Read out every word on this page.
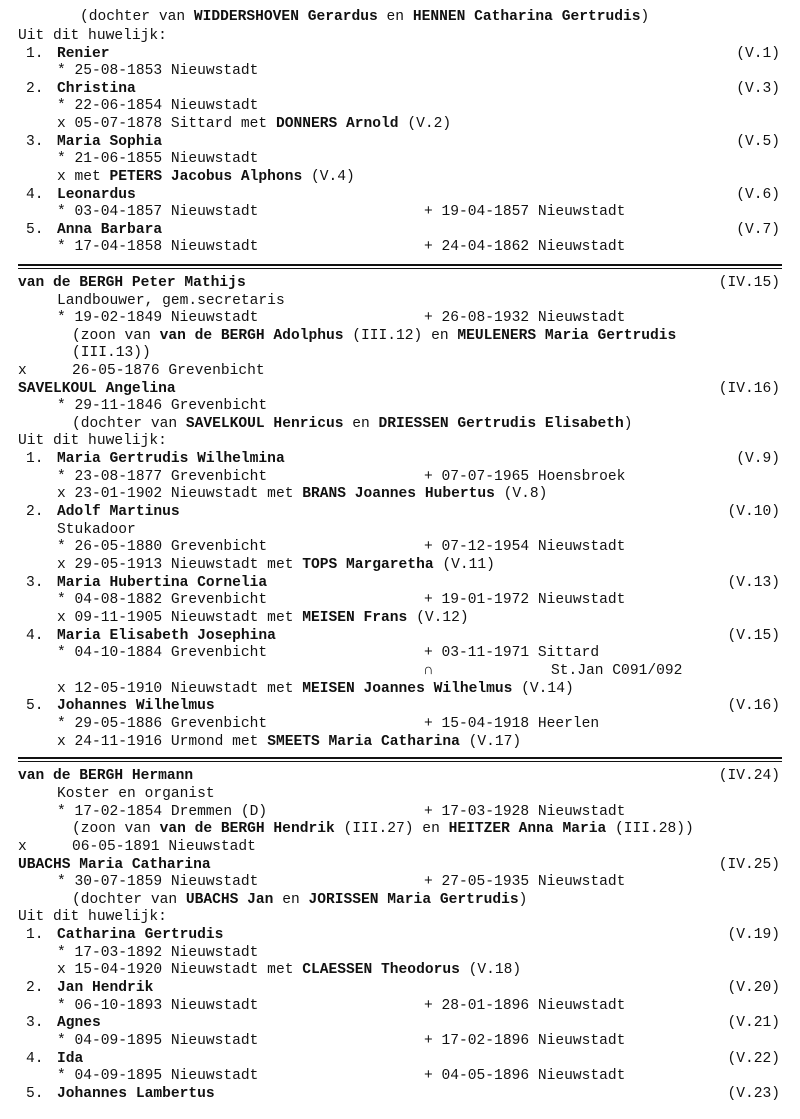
(dochter van WIDDERSHOVEN Gerardus en HENNEN Catharina Gertrudis)
Uit dit huwelijk:
1. Renier	(V.1)
* 25-08-1853 Nieuwstadt
2. Christina	(V.3)
* 22-06-1854 Nieuwstadt
x 05-07-1878 Sittard met DONNERS Arnold (V.2)
3. Maria Sophia	(V.5)
* 21-06-1855 Nieuwstadt
x met PETERS Jacobus Alphons (V.4)
4. Leonardus	(V.6)
* 03-04-1857 Nieuwstadt	+ 19-04-1857 Nieuwstadt
5. Anna Barbara	(V.7)
* 17-04-1858 Nieuwstadt	+ 24-04-1862 Nieuwstadt
van de BERGH Peter Mathijs	(IV.15)
Landbouwer, gem.secretaris
* 19-02-1849 Nieuwstadt	+ 26-08-1932 Nieuwstadt
(zoon van van de BERGH Adolphus (III.12) en MEULENERS Maria Gertrudis
(III.13))
x	26-05-1876 Grevenbicht
SAVELKOUL Angelina	(IV.16)
* 29-11-1846 Grevenbicht
(dochter van SAVELKOUL Henricus en DRIESSEN Gertrudis Elisabeth)
Uit dit huwelijk:
1. Maria Gertrudis Wilhelmina	(V.9)
* 23-08-1877 Grevenbicht	+ 07-07-1965 Hoensbroek
x 23-01-1902 Nieuwstadt met BRANS Joannes Hubertus (V.8)
2. Adolf Martinus	(V.10)
Stukadoor
* 26-05-1880 Grevenbicht	+ 07-12-1954 Nieuwstadt
x 29-05-1913 Nieuwstadt met TOPS Margaretha (V.11)
3. Maria Hubertina Cornelia	(V.13)
* 04-08-1882 Grevenbicht	+ 19-01-1972 Nieuwstadt
x 09-11-1905 Nieuwstadt met MEISEN Frans (V.12)
4. Maria Elisabeth Josephina	(V.15)
* 04-10-1884 Grevenbicht	+ 03-11-1971 Sittard
∩	St.Jan C091/092
x 12-05-1910 Nieuwstadt met MEISEN Joannes Wilhelmus (V.14)
5. Johannes Wilhelmus	(V.16)
* 29-05-1886 Grevenbicht	+ 15-04-1918 Heerlen
x 24-11-1916 Urmond met SMEETS Maria Catharina (V.17)
van de BERGH Hermann	(IV.24)
Koster en organist
* 17-02-1854 Dremmen (D)	+ 17-03-1928 Nieuwstadt
(zoon van van de BERGH Hendrik (III.27) en HEITZER Anna Maria (III.28))
x	06-05-1891 Nieuwstadt
UBACHS Maria Catharina	(IV.25)
* 30-07-1859 Nieuwstadt	+ 27-05-1935 Nieuwstadt
(dochter van UBACHS Jan en JORISSEN Maria Gertrudis)
Uit dit huwelijk:
1. Catharina Gertrudis	(V.19)
* 17-03-1892 Nieuwstadt
x 15-04-1920 Nieuwstadt met CLAESSEN Theodorus (V.18)
2. Jan Hendrik	(V.20)
* 06-10-1893 Nieuwstadt	+ 28-01-1896 Nieuwstadt
3. Agnes	(V.21)
* 04-09-1895 Nieuwstadt	+ 17-02-1896 Nieuwstadt
4. Ida	(V.22)
* 04-09-1895 Nieuwstadt	+ 04-05-1896 Nieuwstadt
5. Johannes Lambertus	(V.23)
